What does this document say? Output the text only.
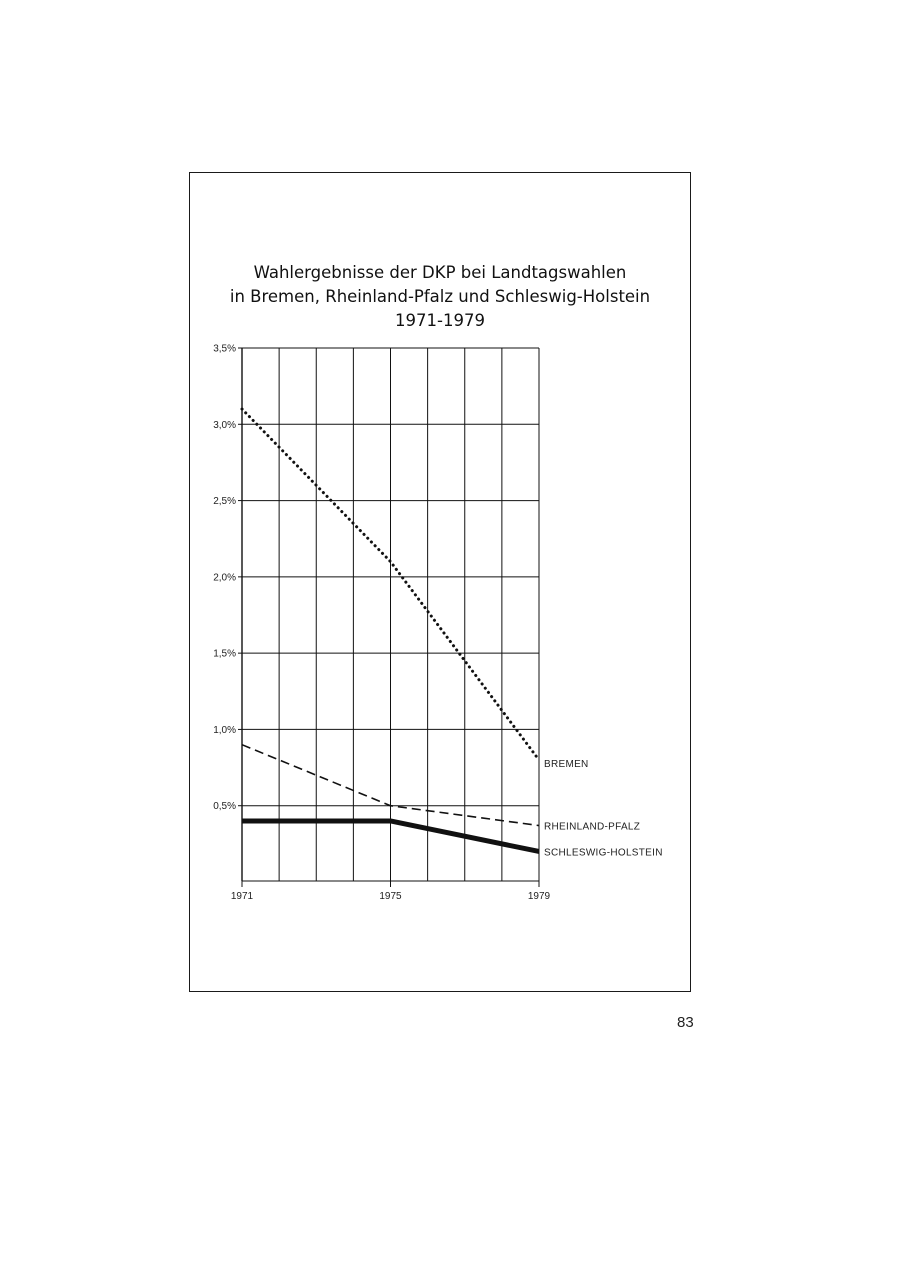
Wahlergebnisse der DKP bei Landtagswahlen
in Bremen, Rheinland-Pfalz und Schleswig-Holstein
1971-1979
3,5%
3,0%
2,5%
2,0%
1,5%
1,0%
0,5%
1971	1975	1979
BREMEN
RHEINLAND-PFALZ
SCHLESWIG-HOLSTEIN
83
